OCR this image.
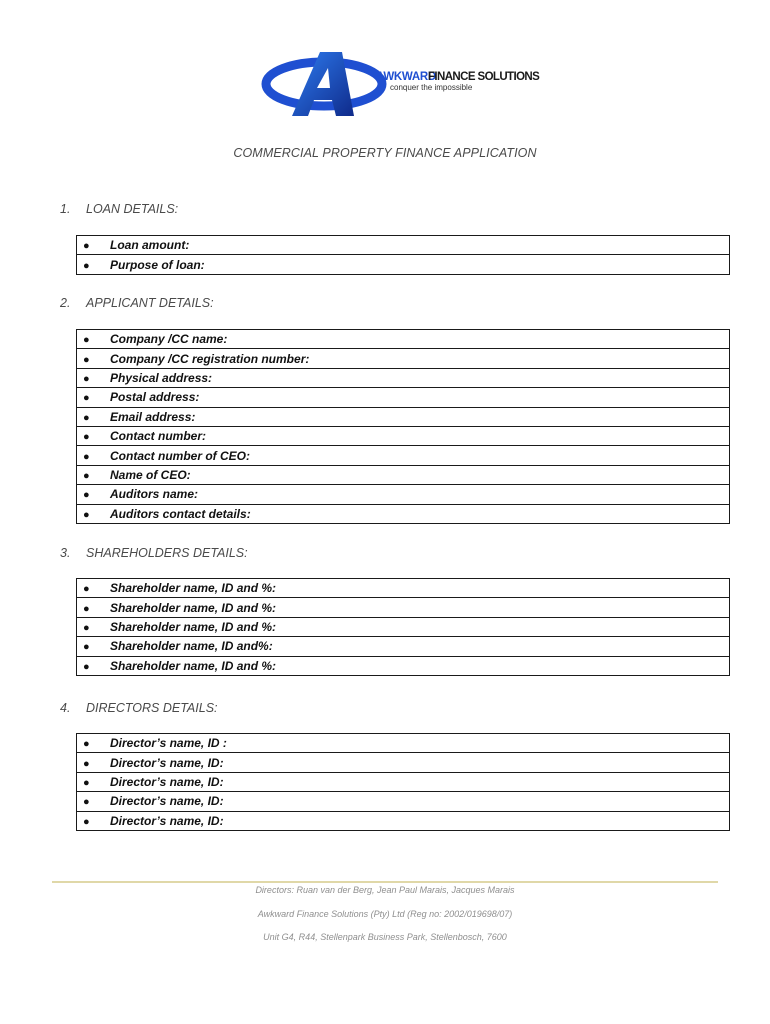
AWKWARD
FINANCE SOLUTIONS
conquer the impossible
COMMERCIAL PROPERTY FINANCE APPLICATION
1. LOAN DETAILS:
● Loan amount:
● Purpose of loan:
2. APPLICANT DETAILS:
● Company /CC name:
● Company /CC registration number:
● Physical address:
● Postal address:
● Email address:
● Contact number:
● Contact number of CEO:
● Name of CEO:
● Auditors name:
● Auditors contact details:
3. SHAREHOLDERS DETAILS:
● Shareholder name, ID and %:
● Shareholder name, ID and %:
● Shareholder name, ID and %:
● Shareholder name, ID and%:
● Shareholder name, ID and %:
4. DIRECTORS DETAILS:
● Director’s name, ID :
● Director’s name, ID:
● Director’s name, ID:
● Director’s name, ID:
● Director’s name, ID:
Directors: Ruan van der Berg, Jean Paul Marais, Jacques Marais
Awkward Finance Solutions (Pty) Ltd (Reg no: 2002/019698/07)
Unit G4, R44, Stellenpark Business Park, Stellenbosch, 7600
